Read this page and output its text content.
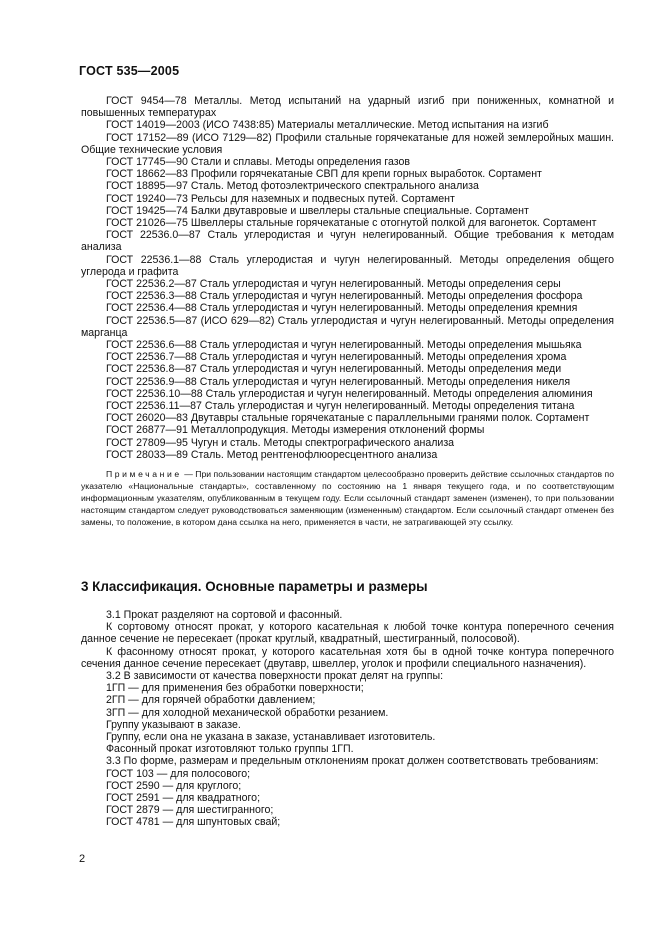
ГОСТ 535—2005

ГОСТ 9454—78 Металлы. Метод испытаний на ударный изгиб при пониженных, комнатной и повышенных температурах

ГОСТ 14019—2003 (ИСО 7438:85) Материалы металлические. Метод испытания на изгиб

ГОСТ 17152—89 (ИСО 7129—82) Профили стальные горячекатаные для ножей землеройных машин. Общие технические условия

ГОСТ 17745—90 Стали и сплавы. Методы определения газов

ГОСТ 18662—83 Профили горячекатаные СВП для крепи горных выработок. Сортамент

ГОСТ 18895—97 Сталь. Метод фотоэлектрического спектрального анализа

ГОСТ 19240—73 Рельсы для наземных и подвесных путей. Сортамент

ГОСТ 19425—74 Балки двутавровые и швеллеры стальные специальные. Сортамент

ГОСТ 21026—75 Швеллеры стальные горячекатаные с отогнутой полкой для вагонеток. Сортамент

ГОСТ 22536.0—87 Сталь углеродистая и чугун нелегированный. Общие требования к методам анализа

ГОСТ 22536.1—88 Сталь углеродистая и чугун нелегированный. Методы определения общего углерода и графита

ГОСТ 22536.2—87 Сталь углеродистая и чугун нелегированный. Методы определения серы

ГОСТ 22536.3—88 Сталь углеродистая и чугун нелегированный. Методы определения фосфора

ГОСТ 22536.4—88 Сталь углеродистая и чугун нелегированный. Методы определения кремния

ГОСТ 22536.5—87 (ИСО 629—82) Сталь углеродистая и чугун нелегированный. Методы определения марганца

ГОСТ 22536.6—88 Сталь углеродистая и чугун нелегированный. Методы определения мышьяка

ГОСТ 22536.7—88 Сталь углеродистая и чугун нелегированный. Методы определения хрома

ГОСТ 22536.8—87 Сталь углеродистая и чугун нелегированный. Методы определения меди

ГОСТ 22536.9—88 Сталь углеродистая и чугун нелегированный. Методы определения никеля

ГОСТ 22536.10—88 Сталь углеродистая и чугун нелегированный. Методы определения алюминия

ГОСТ 22536.11—87 Сталь углеродистая и чугун нелегированный. Методы определения титана

ГОСТ 26020—83 Двутавры стальные горячекатаные с параллельными гранями полок. Сортамент

ГОСТ 26877—91 Металлопродукция. Методы измерения отклонений формы

ГОСТ 27809—95 Чугун и сталь. Методы спектрографического анализа

ГОСТ 28033—89 Сталь. Метод рентгенофлюоресцентного анализа

Примечание — При пользовании настоящим стандартом целесообразно проверить действие ссылочных стандартов по указателю «Национальные стандарты», составленному по состоянию на 1 января текущего года, и по соответствующим информационным указателям, опубликованным в текущем году. Если ссылочный стандарт заменен (изменен), то при пользовании настоящим стандартом следует руководствоваться заменяющим (измененным) стандартом. Если ссылочный стандарт отменен без замены, то положение, в котором дана ссылка на него, применяется в части, не затрагивающей эту ссылку.

3 Классификация. Основные параметры и размеры

3.1 Прокат разделяют на сортовой и фасонный.

К сортовому относят прокат, у которого касательная к любой точке контура поперечного сечения данное сечение не пересекает (прокат круглый, квадратный, шестигранный, полосовой).

К фасонному относят прокат, у которого касательная хотя бы в одной точке контура поперечного сечения данное сечение пересекает (двутавр, швеллер, уголок и профили специального назначения).

3.2 В зависимости от качества поверхности прокат делят на группы:

1ГП — для применения без обработки поверхности;

2ГП — для горячей обработки давлением;

3ГП — для холодной механической обработки резанием.

Группу указывают в заказе.

Группу, если она не указана в заказе, устанавливает изготовитель.

Фасонный прокат изготовляют только группы 1ГП.

3.3 По форме, размерам и предельным отклонениям прокат должен соответствовать требованиям:

ГОСТ 103 — для полосового;

ГОСТ 2590 — для круглого;

ГОСТ 2591 — для квадратного;

ГОСТ 2879 — для шестигранного;

ГОСТ 4781 — для шпунтовых свай;

2
